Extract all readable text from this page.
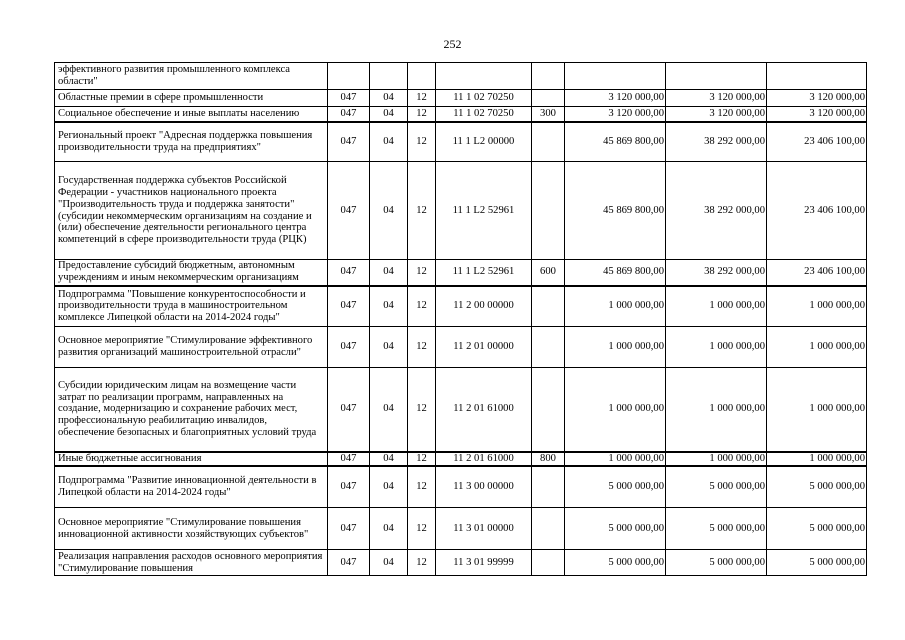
252
эффективного развития промышленного комплекса области"								
Областные премии в сфере промышленности	047	04	12	11 1 02 70250		3 120 000,00	3 120 000,00	3 120 000,00
Социальное обеспечение и иные выплаты населению	047	04	12	11 1 02 70250	300	3 120 000,00	3 120 000,00	3 120 000,00
Региональный проект "Адресная поддержка повышения производительности труда на предприятиях"	047	04	12	11 1 L2 00000		45 869 800,00	38 292 000,00	23 406 100,00
Государственная поддержка субъектов Российской Федерации - участников национального проекта "Производительность труда и поддержка занятости" (субсидии некоммерческим организациям на создание и (или) обеспечение деятельности регионального центра компетенций в сфере производительности труда (РЦК)	047	04	12	11 1 L2 52961		45 869 800,00	38 292 000,00	23 406 100,00
Предоставление субсидий бюджетным, автономным учреждениям и иным некоммерческим организациям	047	04	12	11 1 L2 52961	600	45 869 800,00	38 292 000,00	23 406 100,00
Подпрограмма "Повышение конкурентоспособности и производительности труда в машиностроительном комплексе Липецкой области на 2014-2024 годы"	047	04	12	11 2 00 00000		1 000 000,00	1 000 000,00	1 000 000,00
Основное мероприятие "Стимулирование эффективного развития организаций машиностроительной отрасли"	047	04	12	11 2 01 00000		1 000 000,00	1 000 000,00	1 000 000,00
Субсидии юридическим лицам на возмещение части затрат по реализации программ, направленных на создание, модернизацию и сохранение рабочих мест, профессиональную реабилитацию инвалидов, обеспечение безопасных и благоприятных условий труда	047	04	12	11 2 01 61000		1 000 000,00	1 000 000,00	1 000 000,00
Иные бюджетные ассигнования	047	04	12	11 2 01 61000	800	1 000 000,00	1 000 000,00	1 000 000,00
Подпрограмма "Развитие инновационной деятельности в Липецкой области на 2014-2024 годы"	047	04	12	11 3 00 00000		5 000 000,00	5 000 000,00	5 000 000,00
Основное мероприятие "Стимулирование повышения инновационной активности хозяйствующих субъектов"	047	04	12	11 3 01 00000		5 000 000,00	5 000 000,00	5 000 000,00
Реализация направления расходов основного мероприятия "Стимулирование повышения	047	04	12	11 3 01 99999		5 000 000,00	5 000 000,00	5 000 000,00
